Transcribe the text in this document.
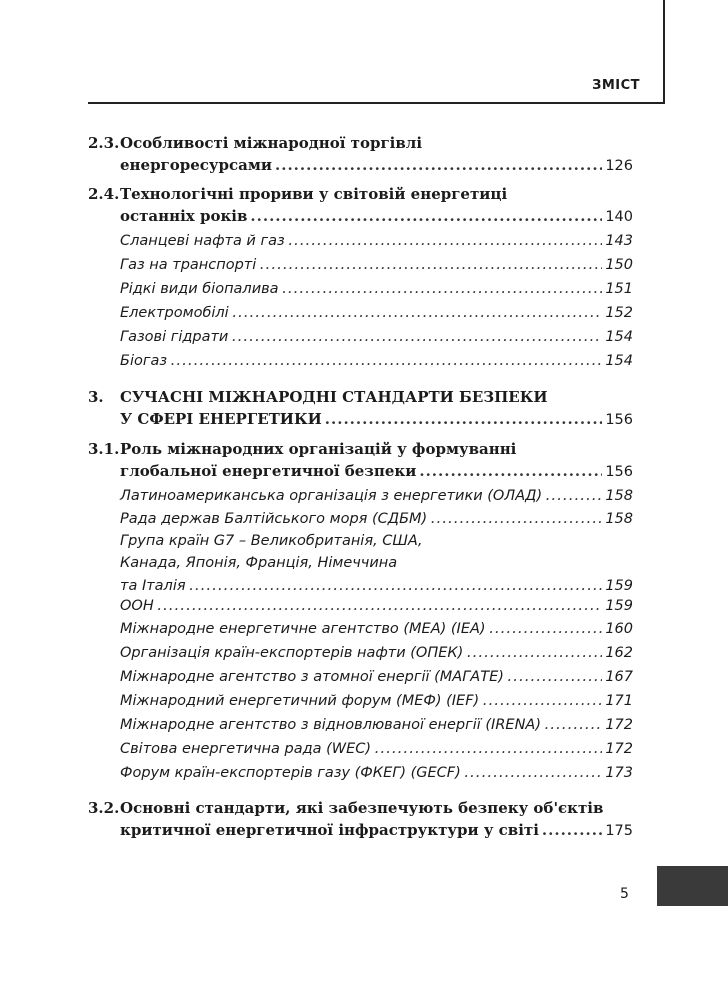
ЗМІСТ
2.3. Особливості міжнародної торгівлі
енергоресурсами .....	126
2.4. Технологічні прориви у світовій енергетиці
останніх років .....	140
Сланцеві нафта й газ .....	143
Газ на транспорті .....	150
Рідкі види біопалива .....	151
Електромобілі .....	152
Газові гідрати .....	154
Біогаз .....	154
3.	СУЧАСНІ МІЖНАРОДНІ СТАНДАРТИ БЕЗПЕКИ
У СФЕРІ ЕНЕРГЕТИКИ .....	156
3.1. Роль міжнародних організацій у формуванні
глобальної енергетичної безпеки .....	156
Латиноамериканська організація з енергетики (ОЛАД) .....	158
Рада держав Балтійського моря (СДБМ) .....	158
Група країн G7 – Великобританія, США,
Канада, Японія, Франція, Німеччина
та Італія .....	159
ООН .....	159
Міжнародне енергетичне агентство (МЕА) (IEA) .....	160
Організація країн-експортерів нафти (ОПЕК) .....	162
Міжнародне агентство з атомної енергії (МАГАТЕ) .....	167
Міжнародний енергетичний форум (МЕФ) (IEF) .....	171
Міжнародне агентство з відновлюваної енергії (IRENA) .....	172
Світова енергетична рада (WEC) .....	172
Форум країн-експортерів газу (ФКЕГ) (GECF) .....	173
3.2. Основні стандарти, які забезпечують безпеку об'єктів
критичної енергетичної інфраструктури у світі .....	175
5
